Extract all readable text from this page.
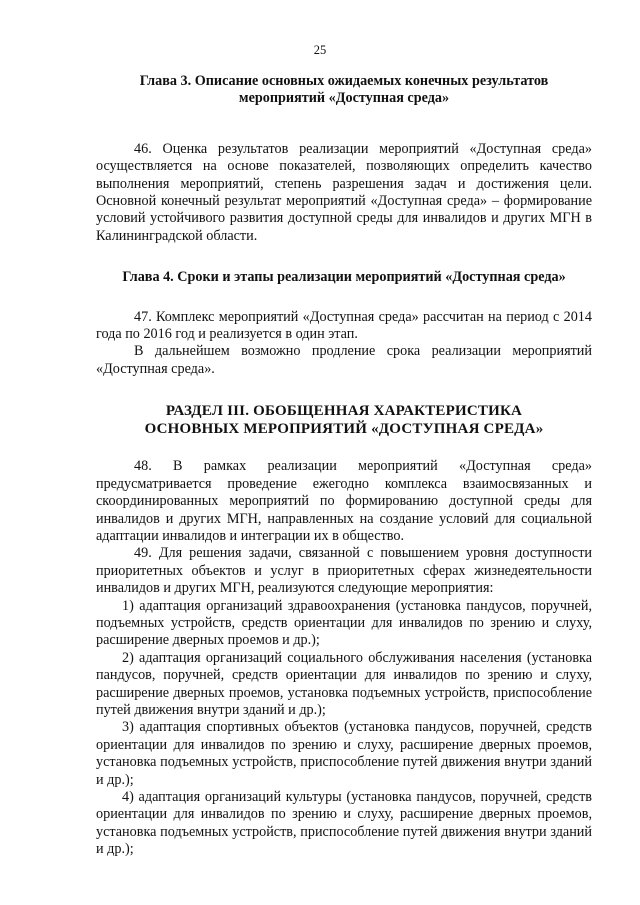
25
Глава 3. Описание основных ожидаемых конечных результатов
мероприятий «Доступная среда»

46. Оценка результатов реализации мероприятий «Доступная среда» осуществляется на основе показателей, позволяющих определить качество выполнения мероприятий, степень разрешения задач и достижения цели. Основной конечный результат мероприятий «Доступная среда» – формирование условий устойчивого развития доступной среды для инвалидов и других МГН в Калининградской области.

Глава 4. Сроки и этапы реализации мероприятий «Доступная среда»

47. Комплекс мероприятий «Доступная среда» рассчитан на период с 2014 года по 2016 год и реализуется в один этап.

В дальнейшем возможно продление срока реализации мероприятий «Доступная среда».

РАЗДЕЛ III. ОБОБЩЕННАЯ ХАРАКТЕРИСТИКА
ОСНОВНЫХ МЕРОПРИЯТИЙ «ДОСТУПНАЯ СРЕДА»

48. В рамках реализации мероприятий «Доступная среда» предусматривается проведение ежегодно комплекса взаимосвязанных и скоординированных мероприятий по формированию доступной среды для инвалидов и других МГН, направленных на создание условий для социальной адаптации инвалидов и интеграции их в общество.

49. Для решения задачи, связанной с повышением уровня доступности приоритетных объектов и услуг в приоритетных сферах жизнедеятельности инвалидов и других МГН, реализуются следующие мероприятия:

1) адаптация организаций здравоохранения (установка пандусов, поручней, подъемных устройств, средств ориентации для инвалидов по зрению и слуху, расширение дверных проемов и др.);

2) адаптация организаций социального обслуживания населения (установка пандусов, поручней, средств ориентации для инвалидов по зрению и слуху, расширение дверных проемов, установка подъемных устройств, приспособление путей движения внутри зданий и др.);

3) адаптация спортивных объектов (установка пандусов, поручней, средств ориентации для инвалидов по зрению и слуху, расширение дверных проемов, установка подъемных устройств, приспособление путей движения внутри зданий и др.);

4) адаптация организаций культуры (установка пандусов, поручней, средств ориентации для инвалидов по зрению и слуху, расширение дверных проемов, установка подъемных устройств, приспособление путей движения внутри зданий и др.);
